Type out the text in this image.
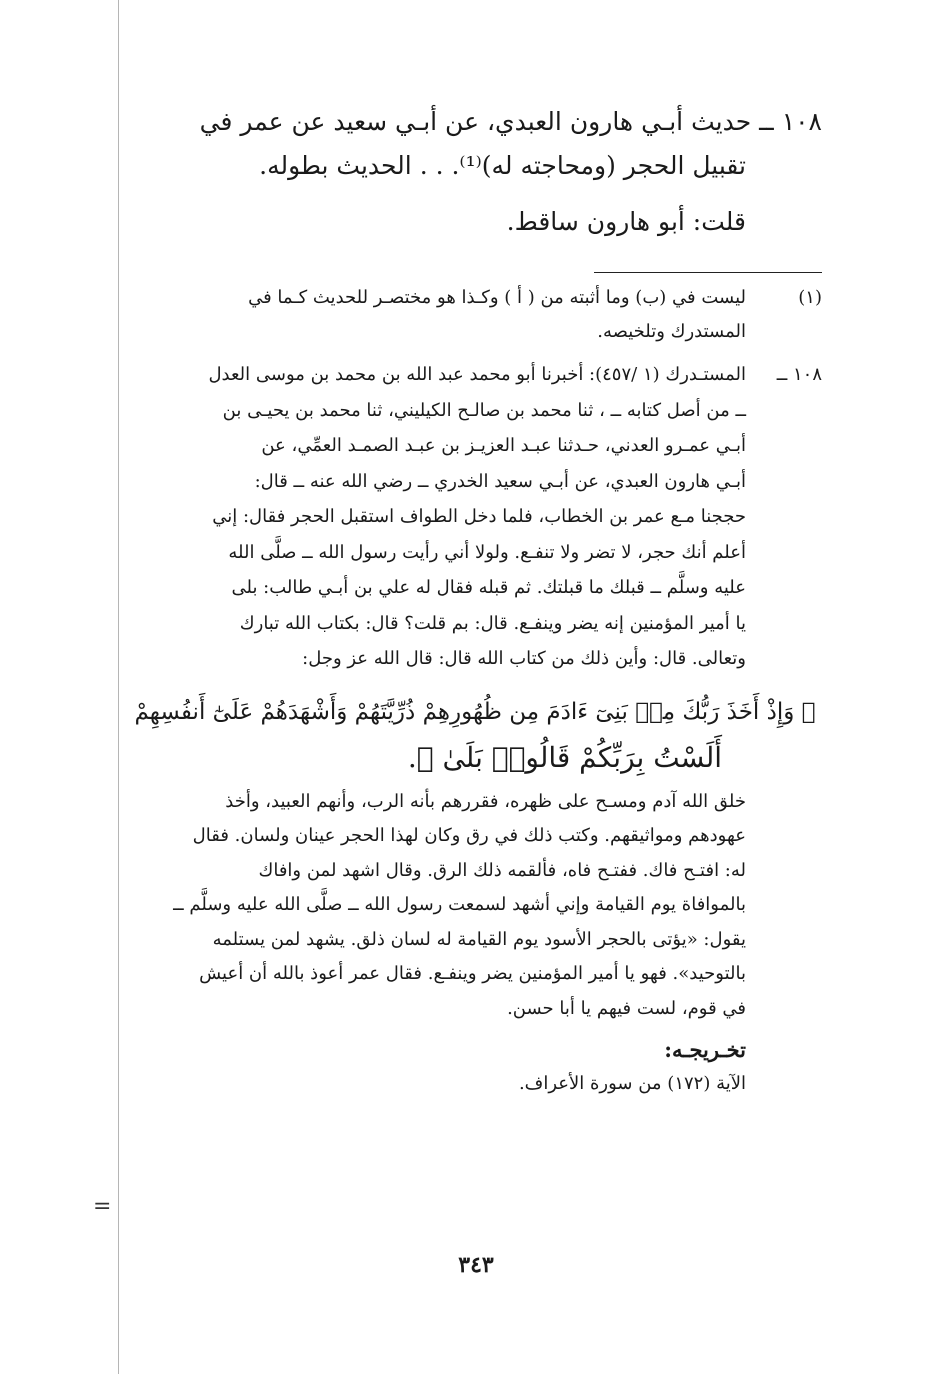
=
١٠٨ ــ حديث أبـي هارون العبدي، عن أبـي سعيد عن عمر في
تقبيل الحجر (ومحاجته له)⁽¹⁾. . . الحديث بطوله.
قلت: أبو هارون ساقط.
(١)
ليست في (ب) وما أثبته من ( أ ) وكـذا هو مختصـر للحديث كـما في
المستدرك وتلخيصه.
١٠٨ ــ
المستـدرك (١ /٤٥٧): أخبرنا أبو محمد عبد الله بن محمد بن موسى العدل
ــ من أصل كتابه ــ ، ثنا محمد بن صالـح الكيليني، ثنا محمد بن يحيـى بن
أبـي عمـرو العدني، حـدثنا عبـد العزيـز بن عبـد الصمـد العمِّي، عن
أبـي هارون العبدي، عن أبـي سعيد الخدري ــ رضي الله عنه ــ قال:
حججنا مـع عمر بن الخطاب، فلما دخل الطواف استقبل الحجر فقال: إني
أعلم أنك حجر، لا تضر ولا تنفـع. ولولا أني رأيت رسول الله ــ صلَّى الله
عليه وسلَّم ــ قبلك ما قبلتك. ثم قبله فقال له علي بن أبـي طالب: بلى
يا أمير المؤمنين إنه يضر وينفـع. قال: بم قلت؟ قال: بكتاب الله تبارك
وتعالى. قال: وأين ذلك من كتاب الله قال: قال الله عز وجل:
﴿ وَإِذْ أَخَذَ رَبُّكَ مِنۢ بَنِىٓ ءَادَمَ مِن ظُهُورِهِمْ ذُرِّيَّتَهُمْ وَأَشْهَدَهُمْ عَلَىٰٓ أَنفُسِهِمْ
أَلَسْتُ بِرَبِّكُمْ قَالُوا۟ بَلَىٰ ﴾.
خلق الله آدم ومسـح على ظهره، فقررهم بأنه الرب، وأنهم العبيد، وأخذ
عهودهم ومواثيقهم. وكتب ذلك في رق وكان لهذا الحجر عينان ولسان. فقال
له: افتـح فاك. ففتـح فاه، فألقمه ذلك الرق. وقال اشهد لمن وافاك
بالموافاة يوم القيامة وإني أشهد لسمعت رسول الله ــ صلَّى الله عليه وسلَّم ــ
يقول: «يؤتى بالحجر الأسود يوم القيامة له لسان ذلق. يشهد لمن يستلمه
بالتوحيد». فهو يا أمير المؤمنين يضر وينفـع. فقال عمر أعوذ بالله أن أعيش
في قوم، لست فيهم يا أبا حسن.
تخـريجـه:
الآية (١٧٢) من سورة الأعراف.
٣٤٣
